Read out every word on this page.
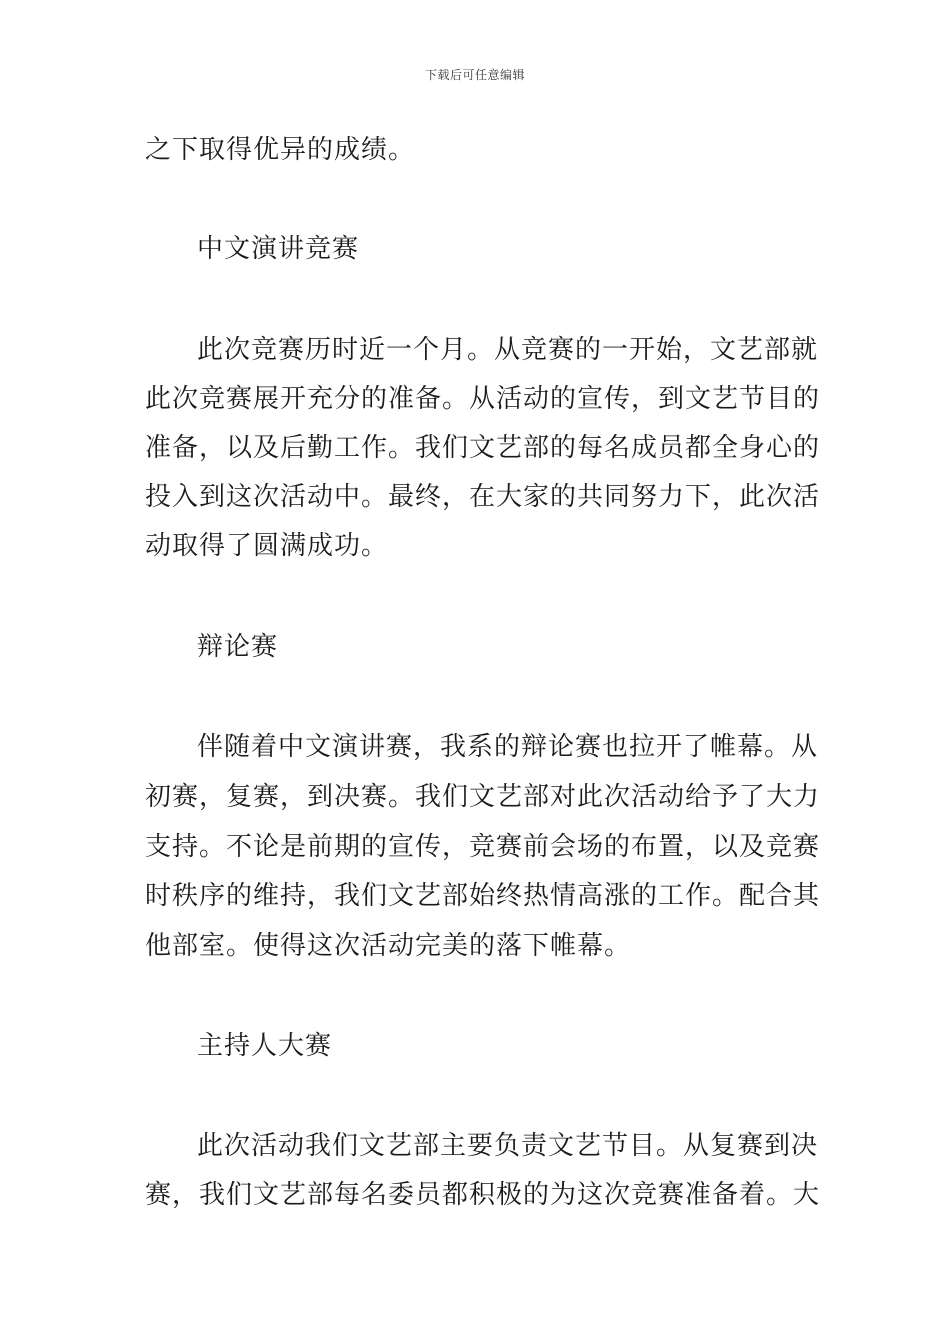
下载后可任意编辑
之下取得优异的成绩。
中文演讲竞赛
此次竞赛历时近一个月。从竞赛的一开始，文艺部就
此次竞赛展开充分的准备。从活动的宣传，到文艺节目的
准备，以及后勤工作。我们文艺部的每名成员都全身心的
投入到这次活动中。最终，在大家的共同努力下，此次活
动取得了圆满成功。
辩论赛
伴随着中文演讲赛，我系的辩论赛也拉开了帷幕。从
初赛，复赛，到决赛。我们文艺部对此次活动给予了大力
支持。不论是前期的宣传，竞赛前会场的布置，以及竞赛
时秩序的维持，我们文艺部始终热情高涨的工作。配合其
他部室。使得这次活动完美的落下帷幕。
主持人大赛
此次活动我们文艺部主要负责文艺节目。从复赛到决
赛，我们文艺部每名委员都积极的为这次竞赛准备着。大
